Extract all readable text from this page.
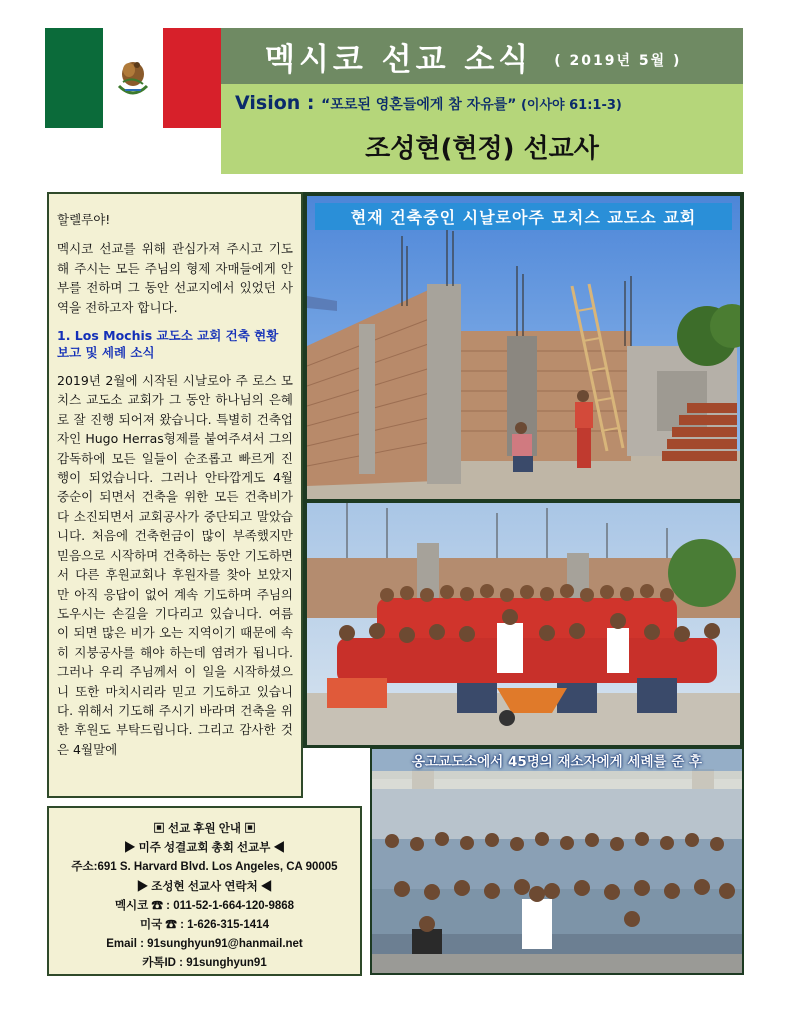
멕시코 선교 소식 ( 2019년 5월 )
Vision : “포로된 영혼들에게 참 자유를” (이사야 61:1-3)
조성현(현정) 선교사

할렐루야!

멕시코 선교를 위해 관심가져 주시고 기도해 주시는 모든 주님의 형제 자매들에게 안부를 전하며 그 동안 선교지에서 있었던 사역을 전하고자 합니다.

1. Los Mochis 교도소 교회 건축 현황 보고 및 세례 소식

2019년 2월에 시작된 시날로아 주 로스 모치스 교도소 교회가 그 동안 하나님의 은혜로 잘 진행 되어져 왔습니다. 특별히 건축업자인 Hugo Herras형제를 붙여주셔서 그의 감독하에 모든 일들이 순조롭고 빠르게 진행이 되었습니다. 그러나 안타깝게도 4월 중순이 되면서 건축을 위한 모든 건축비가 다 소진되면서 교회공사가 중단되고 말았습니다. 처음에 건축헌금이 많이 부족했지만 믿음으로 시작하며 건축하는 동안 기도하면서 다른 후원교회나 후원자를 찾아 보았지만 아직 응답이 없어 계속 기도하며 주님의 도우시는 손길을 기다리고 있습니다. 여름이 되면 많은 비가 오는 지역이기 때문에 속히 지붕공사를 해야 하는데 염려가 됩니다. 그러나 우리 주님께서 이 일을 시작하셨으니 또한 마치시리라 믿고 기도하고 있습니다. 위해서 기도해 주시기 바라며 건축을 위한 후원도 부탁드립니다. 그리고 감사한 것은 4월말에

현재 건축중인 시날로아주 모치스 교도소 교회
옹고교도소에서 45명의 재소자에게 세례를 준 후
▣ 선교 후원 안내 ▣
▶ 미주 성결교회 총회 선교부 ◀
주소:691 S. Harvard Blvd. Los Angeles, CA 90005
▶ 조성현 선교사 연락처 ◀
멕시코 ☎ : 011-52-1-664-120-9868
미국 ☎ : 1-626-315-1414
Email : 91sunghyun91@hanmail.net
카톡ID : 91sunghyun91
